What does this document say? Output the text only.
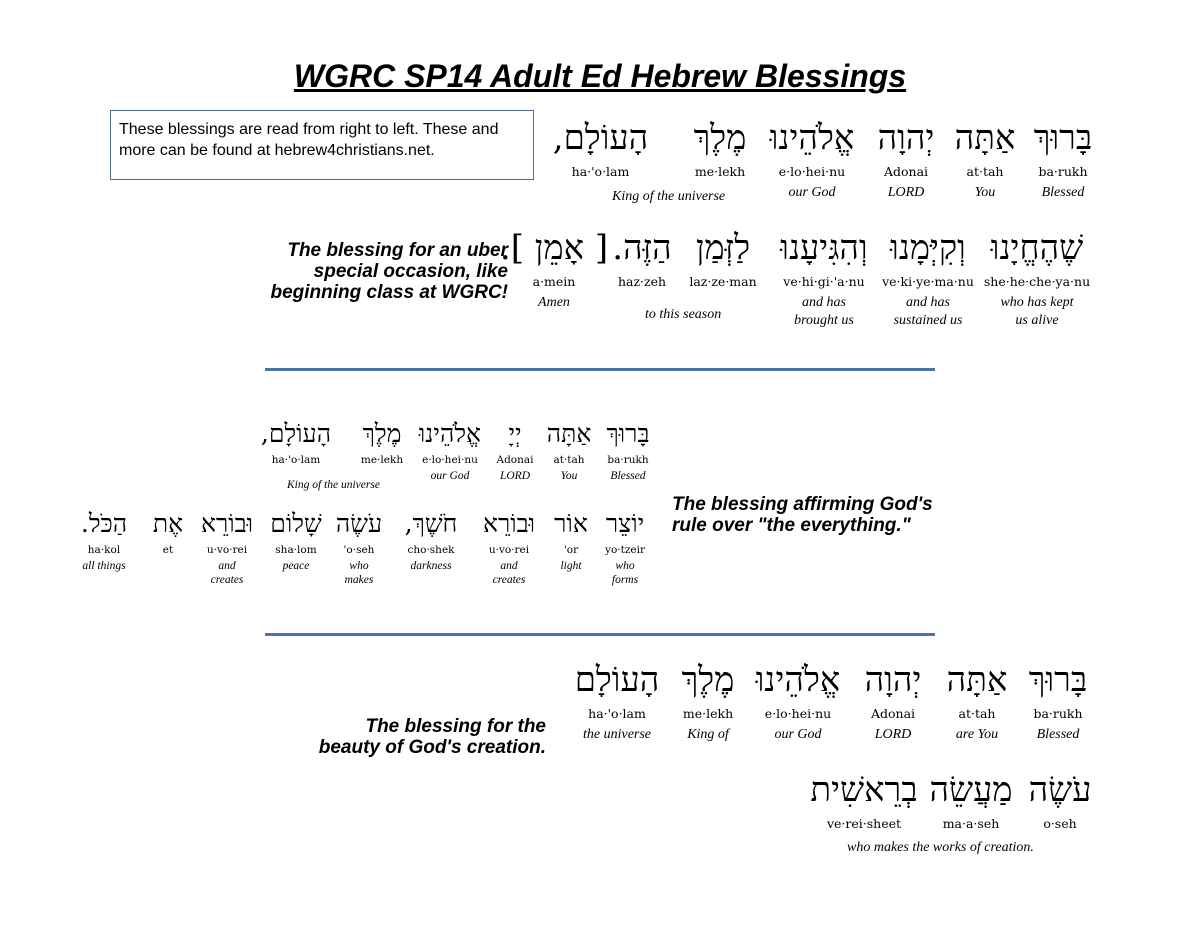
WGRC SP14 Adult Ed Hebrew Blessings
These blessings are read from right to left. These and more can be found at hebrew4christians.net.	בָּרוּךְ
ba·rukh
Blessed
אַתָּה
at·tah
You
יְהוָה
Adonai
LORD
אֱלֹהֵינוּ
e·lo·hei·nu
our God
מֶלֶךְ
me·lekh
הָעוֹלָם,
ha·'o·lam
King of the universe
The blessing for an uber
special occasion, like
beginning class at WGRC!
שֶׁהֶחֱיָנוּ
she·he·che·ya·nu
who has kept
us alive
וְקִיְּמָנוּ
ve·ki·ye·ma·nu
and has
sustained us
וְהִגִּיעָנוּ
ve·hi·gi·'a·nu
and has
brought us
לַזְּמַן
laz·ze·man
הַזֶּה.
haz·zeh
[ אָמֵן ].
a·mein
Amen
to this season
בָּרוּךְ
ba·rukh
Blessed
אַתָּה
at·tah
You
יְיָ
Adonai
LORD
אֱלֹהֵינוּ
e·lo·hei·nu
our God
מֶלֶךְ
me·lekh
הָעוֹלָם,
ha·'o·lam
King of the universe
The blessing affirming God's
rule over "the everything."
יוֹצֵר
yo·tzeir
who
forms
אוֹר
'or
light
וּבוֹרֵא
u·vo·rei
and
creates
חֹשֶׁךְ,
cho·shek
darkness
עֹשֶׂה
'o·seh
who
makes
שָׁלוֹם
sha·lom
peace
וּבוֹרֵא
u·vo·rei
and
creates
אֶת
et
הַכֹּל.
ha·kol
all things
The blessing for the
beauty of God's creation.
בָּרוּךְ
ba·rukh
Blessed
אַתָּה
at·tah
are You
יְהוָה
Adonai
LORD
אֱלֹהֵינוּ
e·lo·hei·nu
our God
מֶלֶךְ
me·lekh
King of
הָעוֹלָם
ha·'o·lam
the universe
עֹשֶׂה
o·seh
מַעֲשֵׂה
ma·a·seh
בְרֵאשִׁית
ve·rei·sheet
who makes the works of creation.
